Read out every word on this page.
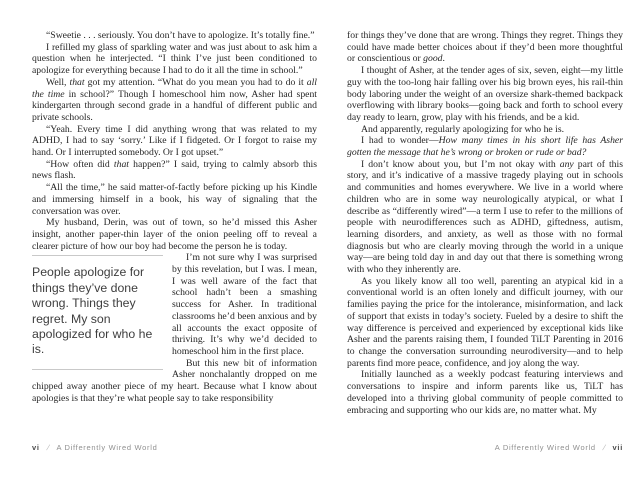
“Sweetie . . . seriously. You don’t have to apologize. It’s totally fine.”

I refilled my glass of sparkling water and was just about to ask him a question when he interjected. “I think I’ve just been conditioned to apologize for everything because I had to do it all the time in school.”

Well, that got my attention. “What do you mean you had to do it all the time in school?” Though I homeschool him now, Asher had spent kindergarten through second grade in a handful of different public and private schools.

“Yeah. Every time I did anything wrong that was related to my ADHD, I had to say ‘sorry.’ Like if I fidgeted. Or I forgot to raise my hand. Or I interrupted somebody. Or I got upset.”

“How often did that happen?” I said, trying to calmly absorb this news flash.

“All the time,” he said matter-of-factly before picking up his Kindle and immersing himself in a book, his way of signaling that the conversation was over.

My husband, Derin, was out of town, so he’d missed this Asher insight, another paper-thin layer of the onion peeling off to reveal a clearer picture of how our boy had become the person he is today.

People apologize for things they’ve done wrong. Things they regret. My son apologized for who he is.

I’m not sure why I was surprised by this revelation, but I was. I mean, I was well aware of the fact that school hadn’t been a smashing success for Asher. In traditional classrooms he’d been anxious and by all accounts the exact opposite of thriving. It’s why we’d decided to homeschool him in the first place.

But this new bit of information Asher nonchalantly dropped on me chipped away another piece of my heart. Because what I know about apologies is that they’re what people say to take responsibility

for things they’ve done that are wrong. Things they regret. Things they could have made better choices about if they’d been more thoughtful or conscientious or good.

I thought of Asher, at the tender ages of six, seven, eight—my little guy with the too-long hair falling over his big brown eyes, his rail-thin body laboring under the weight of an oversize shark-themed backpack overflowing with library books—going back and forth to school every day ready to learn, grow, play with his friends, and be a kid.

And apparently, regularly apologizing for who he is.

I had to wonder—How many times in his short life has Asher gotten the message that he’s wrong or broken or rude or bad?

I don’t know about you, but I’m not okay with any part of this story, and it’s indicative of a massive tragedy playing out in schools and communities and homes everywhere. We live in a world where children who are in some way neurologically atypical, or what I describe as “differently wired”—a term I use to refer to the millions of people with neurodifferences such as ADHD, giftedness, autism, learning disorders, and anxiety, as well as those with no formal diagnosis but who are clearly moving through the world in a unique way—are being told day in and day out that there is something wrong with who they inherently are.

As you likely know all too well, parenting an atypical kid in a conventional world is an often lonely and difficult journey, with our families paying the price for the intolerance, misinformation, and lack of support that exists in today’s society. Fueled by a desire to shift the way difference is perceived and experienced by exceptional kids like Asher and the parents raising them, I founded TiLT Parenting in 2016 to change the conversation surrounding neurodiversity—and to help parents find more peace, confidence, and joy along the way.

Initially launched as a weekly podcast featuring interviews and conversations to inspire and inform parents like us, TiLT has developed into a thriving global community of people committed to embracing and supporting who our kids are, no matter what. My

vi / A Differently Wired World	A Differently Wired World / vii
